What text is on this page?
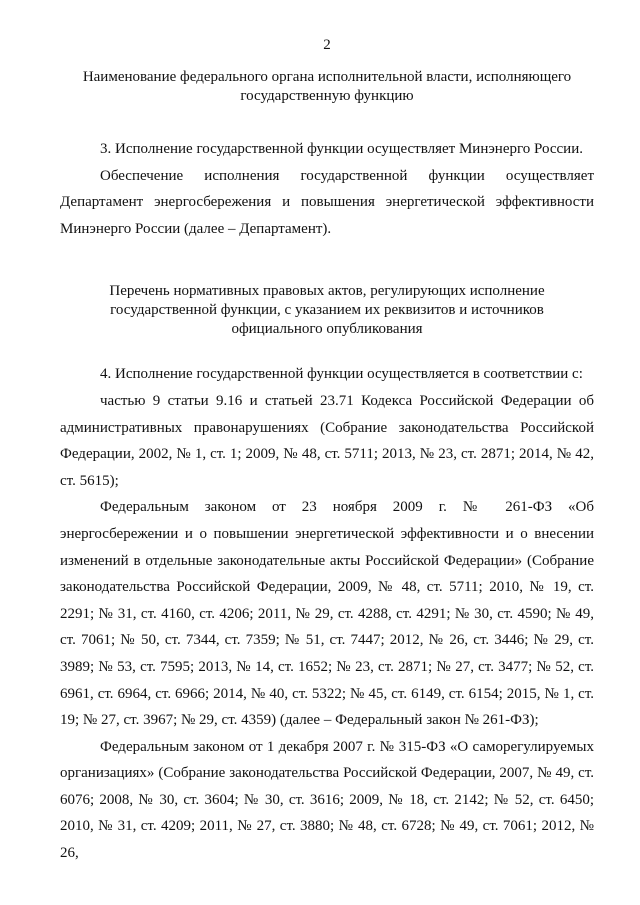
2
Наименование федерального органа исполнительной власти, исполняющего государственную функцию

3. Исполнение государственной функции осуществляет Минэнерго России.

Обеспечение исполнения государственной функции осуществляет Департамент энергосбережения и повышения энергетической эффективности Минэнерго России (далее – Департамент).

Перечень нормативных правовых актов, регулирующих исполнение государственной функции, с указанием их реквизитов и источников официального опубликования

4. Исполнение государственной функции осуществляется в соответствии с:

частью 9 статьи 9.16 и статьей 23.71 Кодекса Российской Федерации об административных правонарушениях (Собрание законодательства Российской Федерации, 2002, № 1, ст. 1; 2009, № 48, ст. 5711; 2013, № 23, ст. 2871; 2014, № 42, ст. 5615);

Федеральным законом от 23 ноября 2009 г. № 261-ФЗ «Об энергосбережении и о повышении энергетической эффективности и о внесении изменений в отдельные законодательные акты Российской Федерации» (Собрание законодательства Российской Федерации, 2009, № 48, ст. 5711; 2010, № 19, ст. 2291; № 31, ст. 4160, ст. 4206; 2011, № 29, ст. 4288, ст. 4291; № 30, ст. 4590; № 49, ст. 7061; № 50, ст. 7344, ст. 7359; № 51, ст. 7447; 2012, № 26, ст. 3446; № 29, ст. 3989; № 53, ст. 7595; 2013, № 14, ст. 1652; № 23, ст. 2871; № 27, ст. 3477; № 52, ст. 6961, ст. 6964, ст. 6966; 2014, № 40, ст. 5322; № 45, ст. 6149, ст. 6154; 2015, № 1, ст. 19; № 27, ст. 3967; № 29, ст. 4359) (далее – Федеральный закон № 261-ФЗ);

Федеральным законом от 1 декабря 2007 г. № 315-ФЗ «О саморегулируемых организациях» (Собрание законодательства Российской Федерации, 2007, № 49, ст. 6076; 2008, № 30, ст. 3604; № 30, ст. 3616; 2009, № 18, ст. 2142; № 52, ст. 6450; 2010, № 31, ст. 4209; 2011, № 27, ст. 3880; № 48, ст. 6728; № 49, ст. 7061; 2012, № 26,
